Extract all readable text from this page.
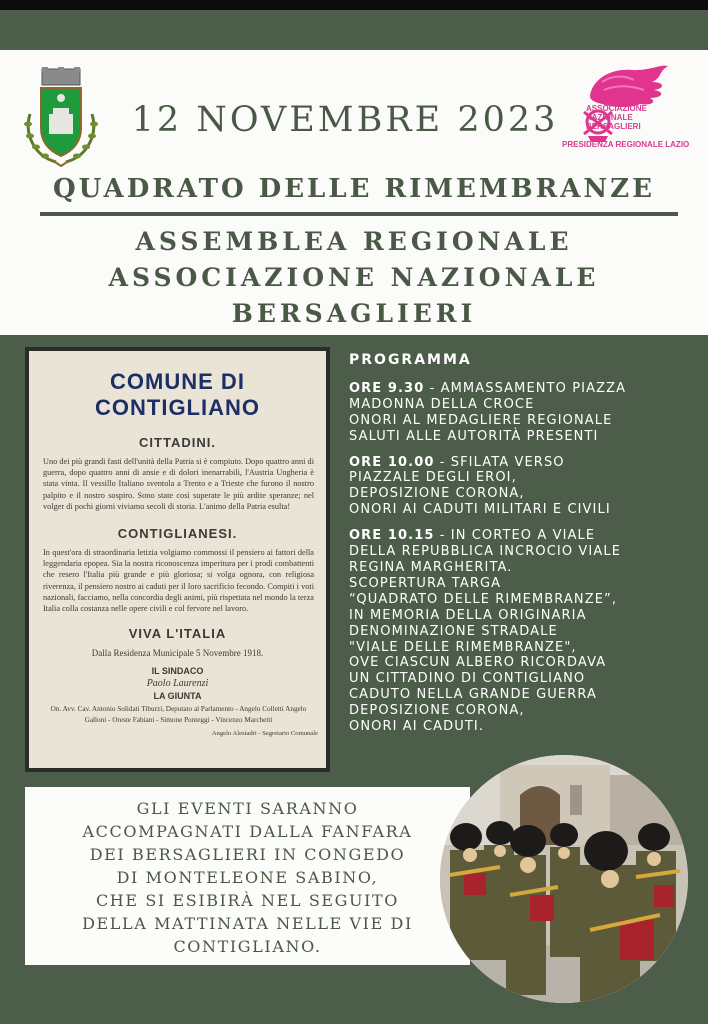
ASSOCIAZIONE
NAZIONALE
BERSAGLIERI
PRESIDENZA REGIONALE LAZIO
12 NOVEMBRE 2023
QUADRATO DELLE RIMEMBRANZE
ASSEMBLEA REGIONALE
ASSOCIAZIONE NAZIONALE
BERSAGLIERI
COMUNE DI CONTIGLIANO
CITTADINI.
Uno dei più grandi fasti dell'unità della Patria si è compiuto. Dopo quattro anni di guerra, dopo quattro anni di ansie e di dolori inenarrabili, l'Austria Ungheria è stata vinta. Il vessillo Italiano sventola a Trento e a Trieste che furono il nostro palpito e il nostro sospiro. Sono state così superate le più ardite speranze; nel volger di pochi giorni viviamo secoli di storia. L'animo della Patria esulta!
CONTIGLIANESI.
In quest'ora di straordinaria letizia volgiamo commossi il pensiero ai fattori della leggendaria epopea. Sia la nostra riconoscenza imperitura per i prodi combattenti che resero l'Italia più grande e più gloriosa; si volga ognora, con religiosa riverenza, il pensiero nostro ai caduti per il loro sacrificio fecondo. Compiti i voti nazionali, facciamo, nella concordia degli animi, più rispettata nel mondo la terza Italia colla costanza nelle opere civili e col fervore nel lavoro.
VIVA L'ITALIA
Dalla Residenza Municipale 5 Novembre 1918.
IL SINDACO
Paolo Laurenzi
LA GIUNTA
On. Avv. Cav. Antonio Solidati Tiburzi, Deputato al Parlamento - Angelo Colletti Angelo Galloni - Oreste Fabiani - Simone Ponteggi - Vincenzo Marchetti
Angelo Alesiadri - Segretario Comunale
PROGRAMMA
ORE 9.30 - AMMASSAMENTO PIAZZA
MADONNA DELLA CROCE
ONORI AL MEDAGLIERE REGIONALE
SALUTI ALLE AUTORITÀ PRESENTI
ORE 10.00 - SFILATA VERSO
PIAZZALE DEGLI EROI,
DEPOSIZIONE CORONA,
ONORI AI CADUTI MILITARI E CIVILI
ORE 10.15 - IN CORTEO A VIALE
DELLA REPUBBLICA INCROCIO VIALE
REGINA MARGHERITA.
SCOPERTURA TARGA
“QUADRATO DELLE RIMEMBRANZE”,
IN MEMORIA DELLA ORIGINARIA
DENOMINAZIONE STRADALE
"VIALE DELLE RIMEMBRANZE",
OVE CIASCUN ALBERO RICORDAVA
UN CITTADINO DI CONTIGLIANO
CADUTO NELLA GRANDE GUERRA
DEPOSIZIONE CORONA,
ONORI AI CADUTI.
GLI EVENTI SARANNO
ACCOMPAGNATI DALLA FANFARA
DEI BERSAGLIERI IN CONGEDO
DI MONTELEONE SABINO,
CHE SI ESIBIRÀ NEL SEGUITO
DELLA MATTINATA NELLE VIE DI
CONTIGLIANO.
